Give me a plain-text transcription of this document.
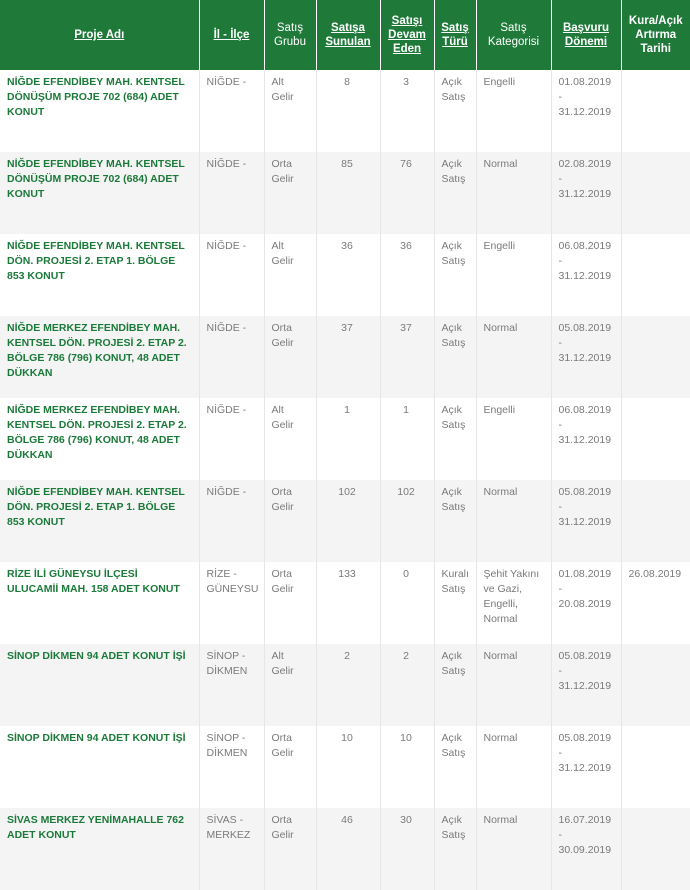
Proje Adı	İl - İlçe	Satış Grubu	Satışa Sunulan	Satışı Devam Eden	Satış Türü	Satış Kategorisi	Başvuru Dönemi	Kura/Açık Artırma Tarihi

NİĞDE EFENDİBEY MAH. KENTSEL DÖNÜŞÜM PROJE 702 (684) ADET KONUT	NİĞDE -	Alt Gelir	8	3	Açık Satış	Engelli	01.08.2019 - 31.12.2019	
NİĞDE EFENDİBEY MAH. KENTSEL DÖNÜŞÜM PROJE 702 (684) ADET KONUT	NİĞDE -	Orta Gelir	85	76	Açık Satış	Normal	02.08.2019 - 31.12.2019	
NİĞDE EFENDİBEY MAH. KENTSEL DÖN. PROJESİ 2. ETAP 1. BÖLGE 853 KONUT	NİĞDE -	Alt Gelir	36	36	Açık Satış	Engelli	06.08.2019 - 31.12.2019	
NİĞDE MERKEZ EFENDİBEY MAH. KENTSEL DÖN. PROJESİ 2. ETAP 2. BÖLGE 786 (796) KONUT, 48 ADET DÜKKAN	NİĞDE -	Orta Gelir	37	37	Açık Satış	Normal	05.08.2019 - 31.12.2019	
NİĞDE MERKEZ EFENDİBEY MAH. KENTSEL DÖN. PROJESİ 2. ETAP 2. BÖLGE 786 (796) KONUT, 48 ADET DÜKKAN	NİĞDE -	Alt Gelir	1	1	Açık Satış	Engelli	06.08.2019 - 31.12.2019	
NİĞDE EFENDİBEY MAH. KENTSEL DÖN. PROJESİ 2. ETAP 1. BÖLGE 853 KONUT	NİĞDE -	Orta Gelir	102	102	Açık Satış	Normal	05.08.2019 - 31.12.2019	
RİZE İLİ GÜNEYSU İLÇESİ ULUCAMİİ MAH. 158 ADET KONUT	RİZE - GÜNEYSU	Orta Gelir	133	0	Kuralı Satış	Şehit Yakını ve Gazi, Engelli, Normal	01.08.2019 - 20.08.2019	26.08.2019
SİNOP DİKMEN 94 ADET KONUT İŞİ	SİNOP - DİKMEN	Alt Gelir	2	2	Açık Satış	Normal	05.08.2019 - 31.12.2019	
SİNOP DİKMEN 94 ADET KONUT İŞİ	SİNOP - DİKMEN	Orta Gelir	10	10	Açık Satış	Normal	05.08.2019 - 31.12.2019	
SİVAS MERKEZ YENİMAHALLE 762 ADET KONUT	SİVAS - MERKEZ	Orta Gelir	46	30	Açık Satış	Normal	16.07.2019 - 30.09.2019	
